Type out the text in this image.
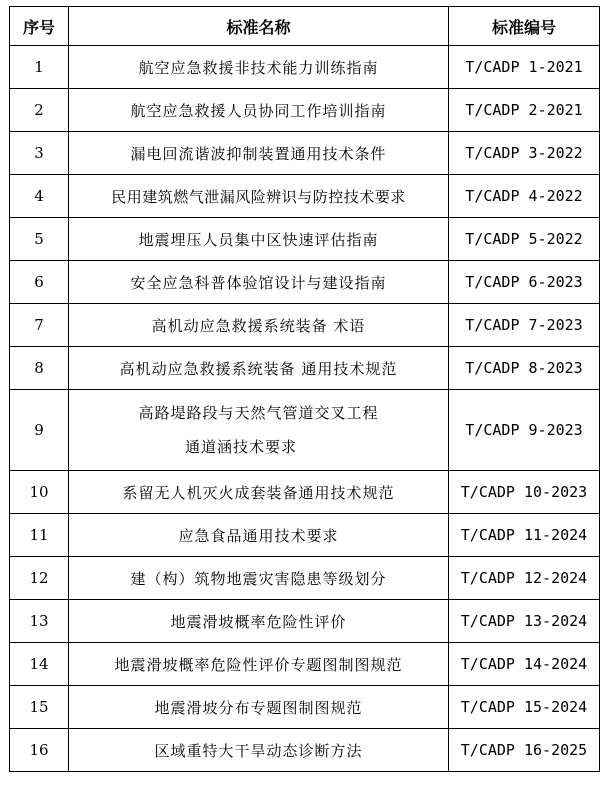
序号	标准名称	标准编号
1	航空应急救援非技术能力训练指南	T/CADP 1-2021
2	航空应急救援人员协同工作培训指南	T/CADP 2-2021
3	漏电回流谐波抑制装置通用技术条件	T/CADP 3-2022
4	民用建筑燃气泄漏风险辨识与防控技术要求	T/CADP 4-2022
5	地震埋压人员集中区快速评估指南	T/CADP 5-2022
6	安全应急科普体验馆设计与建设指南	T/CADP 6-2023
7	高机动应急救援系统装备 术语	T/CADP 7-2023
8	高机动应急救援系统装备 通用技术规范	T/CADP 8-2023
9	高路堤路段与天然气管道交叉工程
通道涵技术要求	T/CADP 9-2023
10	系留无人机灭火成套装备通用技术规范	T/CADP 10-2023
11	应急食品通用技术要求	T/CADP 11-2024
12	建（构）筑物地震灾害隐患等级划分	T/CADP 12-2024
13	地震滑坡概率危险性评价	T/CADP 13-2024
14	地震滑坡概率危险性评价专题图制图规范	T/CADP 14-2024
15	地震滑坡分布专题图制图规范	T/CADP 15-2024
16	区域重特大干旱动态诊断方法	T/CADP 16-2025
